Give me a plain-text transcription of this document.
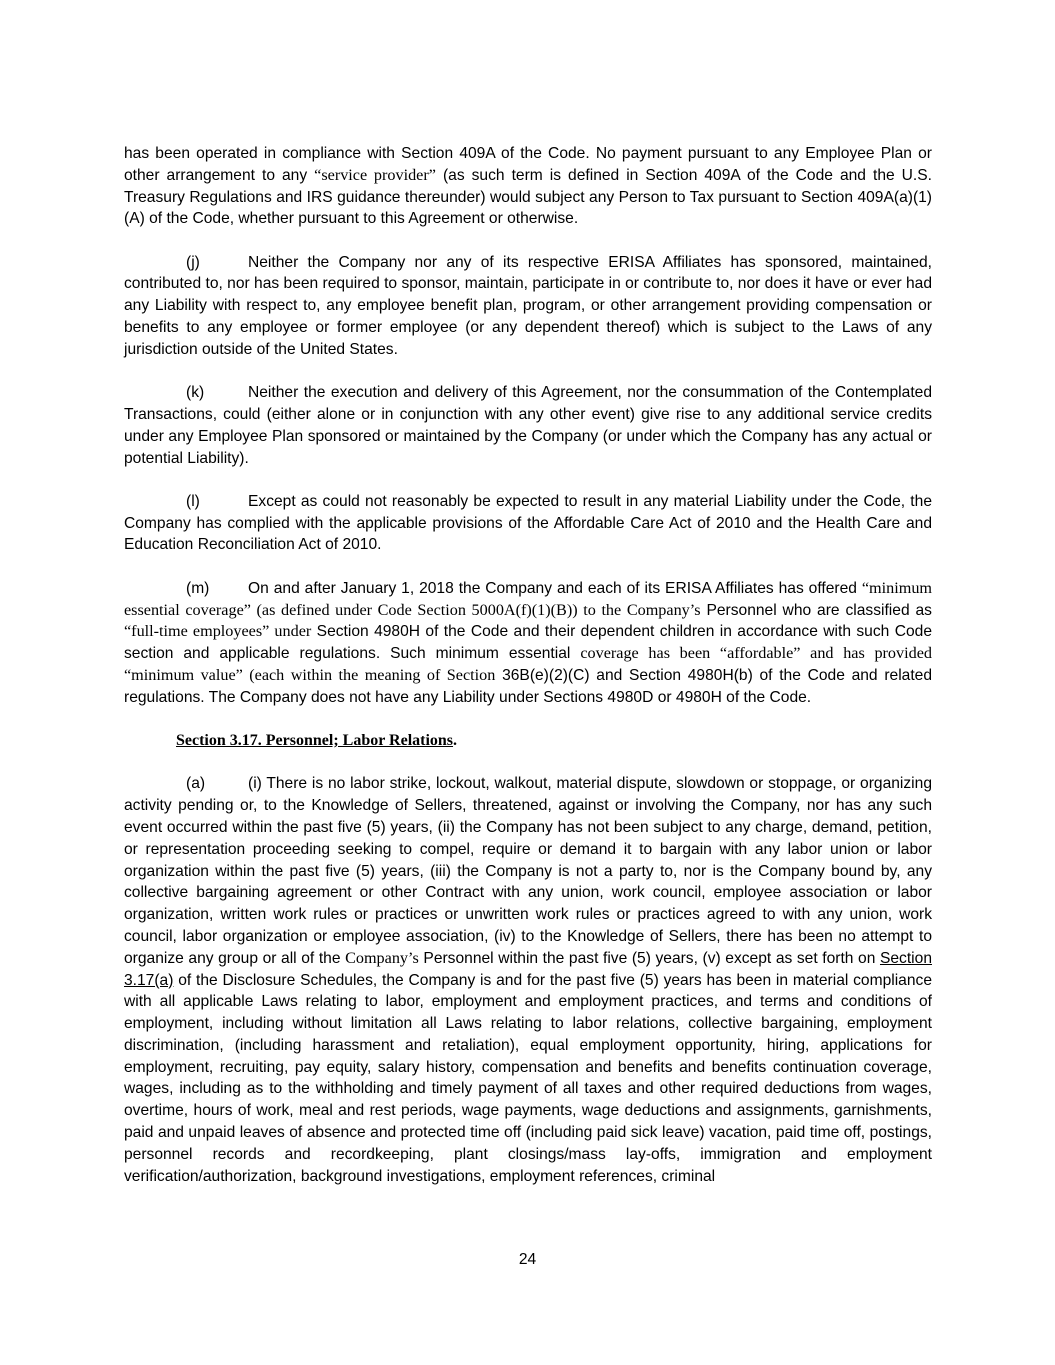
has been operated in compliance with Section 409A of the Code. No payment pursuant to any Employee Plan or other arrangement to any “service provider” (as such term is defined in Section 409A of the Code and the U.S. Treasury Regulations and IRS guidance thereunder) would subject any Person to Tax pursuant to Section 409A(a)(1)(A) of the Code, whether pursuant to this Agreement or otherwise.

(j)	Neither the Company nor any of its respective ERISA Affiliates has sponsored, maintained, contributed to, nor has been required to sponsor, maintain, participate in or contribute to, nor does it have or ever had any Liability with respect to, any employee benefit plan, program, or other arrangement providing compensation or benefits to any employee or former employee (or any dependent thereof) which is subject to the Laws of any jurisdiction outside of the United States.

(k)	Neither the execution and delivery of this Agreement, nor the consummation of the Contemplated Transactions, could (either alone or in conjunction with any other event) give rise to any additional service credits under any Employee Plan sponsored or maintained by the Company (or under which the Company has any actual or potential Liability).

(l)	Except as could not reasonably be expected to result in any material Liability under the Code, the Company has complied with the applicable provisions of the Affordable Care Act of 2010 and the Health Care and Education Reconciliation Act of 2010.

(m) On and after January 1, 2018 the Company and each of its ERISA Affiliates has offered “minimum essential coverage” (as defined under Code Section 5000A(f)(1)(B)) to the Company’s Personnel who are classified as “full-time employees” under Section 4980H of the Code and their dependent children in accordance with such Code section and applicable regulations. Such minimum essential coverage has been “affordable” and has provided “minimum value” (each within the meaning of Section 36B(e)(2)(C) and Section 4980H(b) of the Code and related regulations. The Company does not have any Liability under Sections 4980D or 4980H of the Code.

Section 3.17. Personnel; Labor Relations.

(a)	(i) There is no labor strike, lockout, walkout, material dispute, slowdown or stoppage, or organizing activity pending or, to the Knowledge of Sellers, threatened, against or involving the Company, nor has any such event occurred within the past five (5) years, (ii) the Company has not been subject to any charge, demand, petition, or representation proceeding seeking to compel, require or demand it to bargain with any labor union or labor organization within the past five (5) years, (iii) the Company is not a party to, nor is the Company bound by, any collective bargaining agreement or other Contract with any union, work council, employee association or labor organization, written work rules or practices or unwritten work rules or practices agreed to with any union, work council, labor organization or employee association, (iv) to the Knowledge of Sellers, there has been no attempt to organize any group or all of the Company’s Personnel within the past five (5) years, (v) except as set forth on Section 3.17(a) of the Disclosure Schedules, the Company is and for the past five (5) years has been in material compliance with all applicable Laws relating to labor, employment and employment practices, and terms and conditions of employment, including without limitation all Laws relating to labor relations, collective bargaining, employment discrimination, (including harassment and retaliation), equal employment opportunity, hiring, applications for employment, recruiting, pay equity, salary history, compensation and benefits and benefits continuation coverage, wages, including as to the withholding and timely payment of all taxes and other required deductions from wages, overtime, hours of work, meal and rest periods, wage payments, wage deductions and assignments, garnishments, paid and unpaid leaves of absence and protected time off (including paid sick leave) vacation, paid time off, postings, personnel records and recordkeeping, plant closings/mass lay-offs, immigration and employment verification/authorization, background investigations, employment references, criminal

24
